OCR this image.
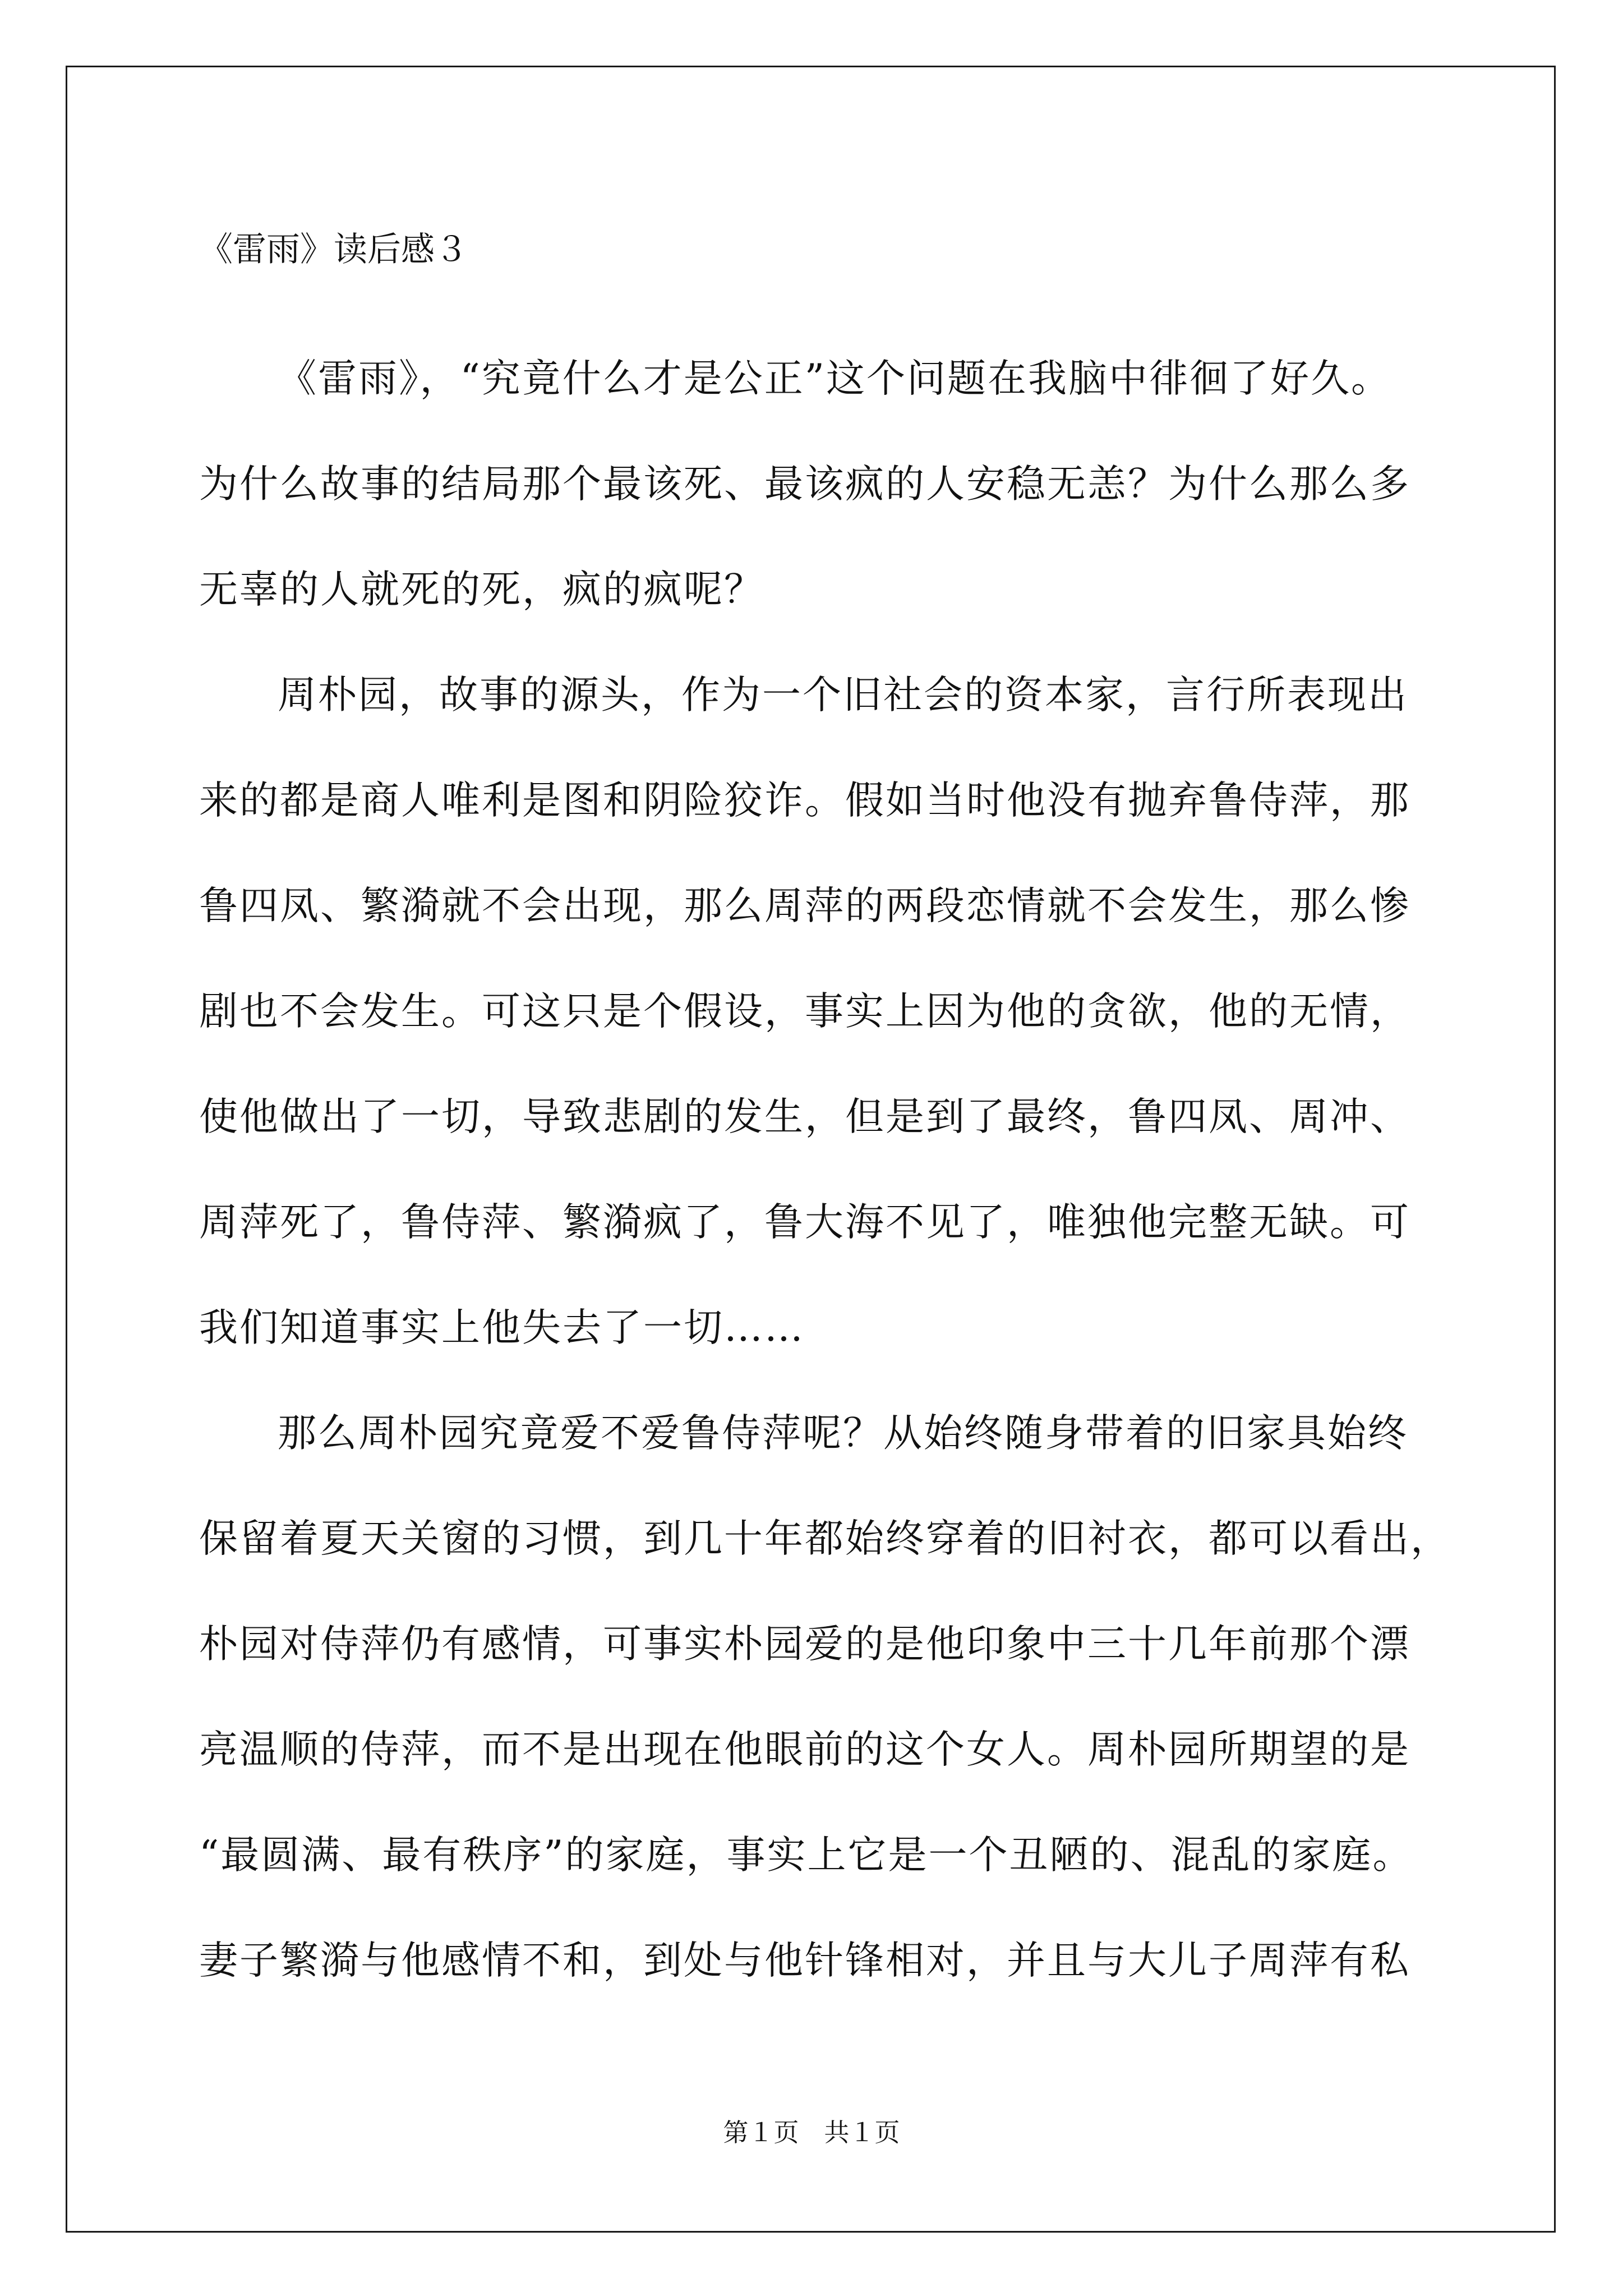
《雷雨》读后感３

《雷雨》，“究竟什么才是公正”这个问题在我脑中徘徊了好久。
为什么故事的结局那个最该死、最该疯的人安稳无恙？为什么那么多
无辜的人就死的死，疯的疯呢？

周朴园，故事的源头，作为一个旧社会的资本家，言行所表现出
来的都是商人唯利是图和阴险狡诈。假如当时他没有抛弃鲁侍萍，那
鲁四凤、繁漪就不会出现，那么周萍的两段恋情就不会发生，那么惨
剧也不会发生。可这只是个假设，事实上因为他的贪欲，他的无情，
使他做出了一切，导致悲剧的发生，但是到了最终，鲁四凤、周冲、
周萍死了，鲁侍萍、繁漪疯了，鲁大海不见了，唯独他完整无缺。可
我们知道事实上他失去了一切……

那么周朴园究竟爱不爱鲁侍萍呢？从始终随身带着的旧家具始终
保留着夏天关窗的习惯，到几十年都始终穿着的旧衬衣，都可以看出，
朴园对侍萍仍有感情，可事实朴园爱的是他印象中三十几年前那个漂
亮温顺的侍萍，而不是出现在他眼前的这个女人。周朴园所期望的是
“最圆满、最有秩序”的家庭，事实上它是一个丑陋的、混乱的家庭。
妻子繁漪与他感情不和，到处与他针锋相对，并且与大儿子周萍有私

第１页　共１页
